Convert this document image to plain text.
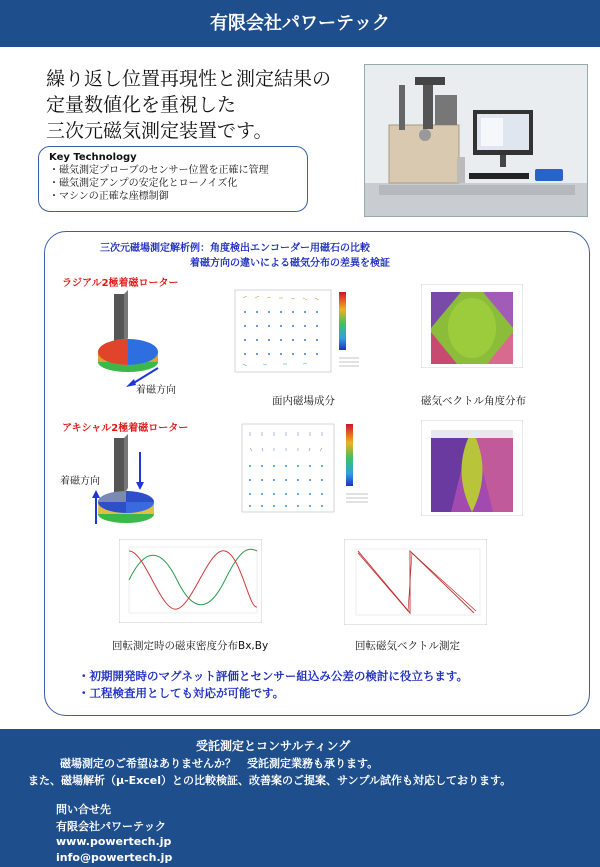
有限会社パワーテック
繰り返し位置再現性と測定結果の
定量数値化を重視した
三次元磁気測定装置です。
Key Technology
・磁気測定プローブのセンサー位置を正確に管理
・磁気測定アンプの安定化とローノイズ化
・マシンの正確な座標制御
三次元磁場測定解析例：角度検出エンコーダー用磁石の比較
着磁方向の違いによる磁気分布の差異を検証
ラジアル2極着磁ローター
着磁方向
面内磁場成分	磁気ベクトル角度分布
アキシャル2極着磁ローター
着磁方向
回転測定時の磁束密度分布Bx,By	回転磁気ベクトル測定
・初期開発時のマグネット評価とセンサー組込み公差の検討に役立ちます。
・工程検査用としても対応が可能です。
受託測定とコンサルティング
磁場測定のご希望はありませんか？　受託測定業務も承ります。
また、磁場解析（μ-Excel）との比較検証、改善案のご提案、サンプル試作も対応しております。
問い合せ先
有限会社パワーテック
www.powertech.jp
info@powertech.jp
